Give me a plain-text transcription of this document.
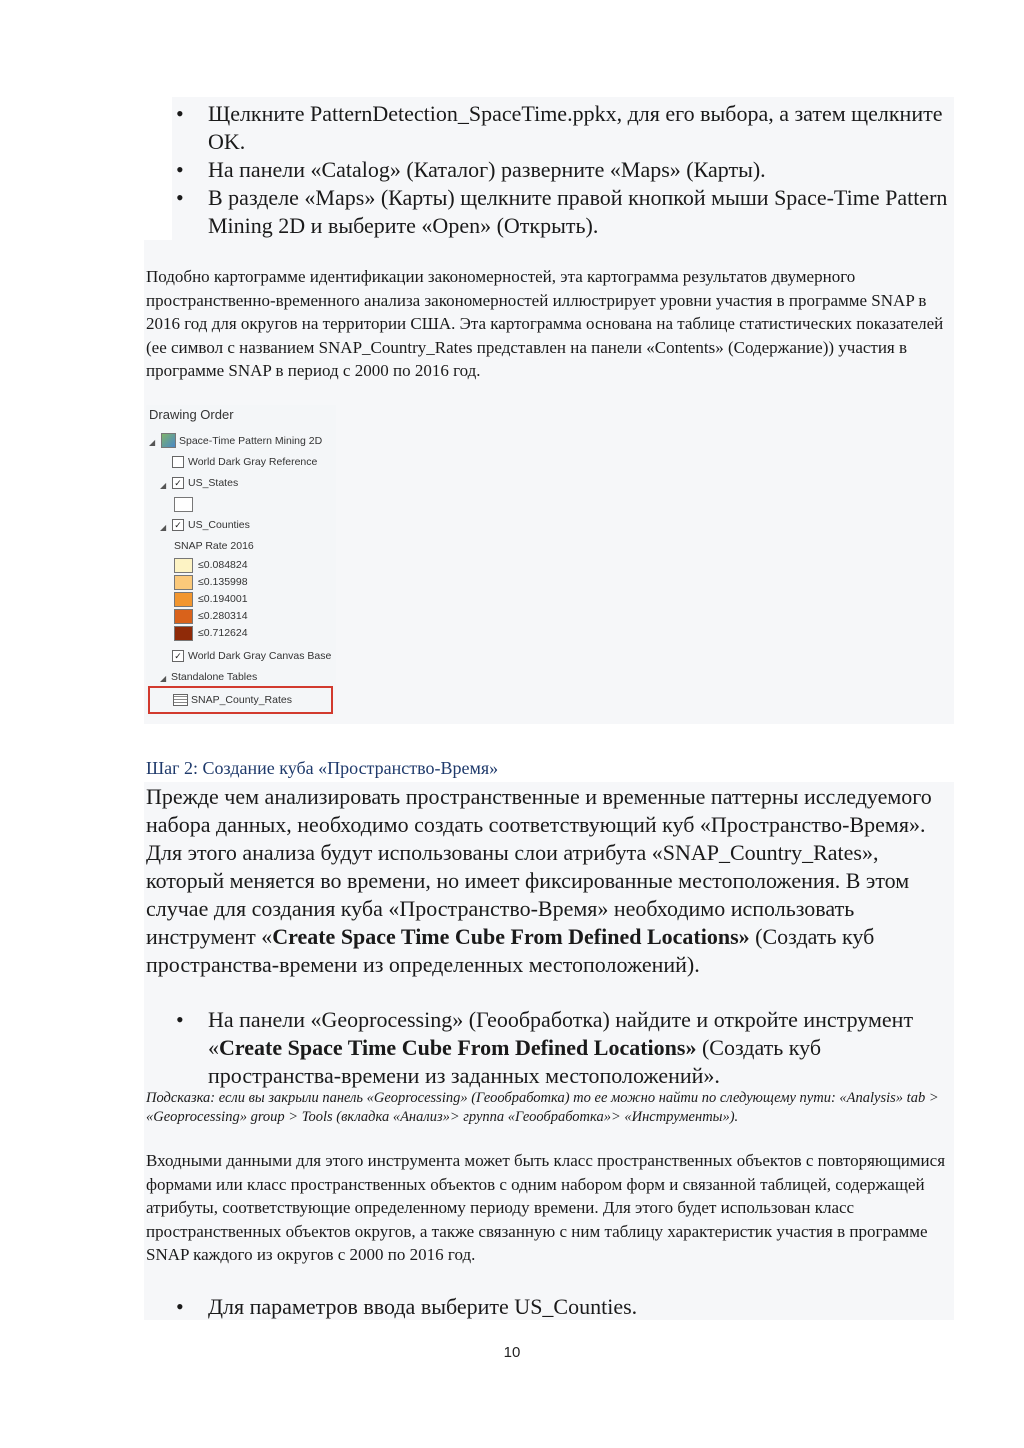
• Щелкните PatternDetection_SpaceTime.ppkx, для его выбора, а затем щелкните OK.
• На панели «Catalog» (Каталог) разверните «Maps» (Карты).
• В разделе «Maps» (Карты) щелкните правой кнопкой мыши Space-Time Pattern Mining 2D и выберите «Open» (Открыть).
Подобно картограмме идентификации закономерностей, эта картограмма результатов двумерного пространственно-временного анализа закономерностей иллюстрирует уровни участия в программе SNAP в 2016 год для округов на территории США. Эта картограмма основана на таблице статистических показателей (ее символ с названием SNAP_Country_Rates представлен на панели «Contents» (Содержание)) участия в программе SNAP в период с 2000 по 2016 год.
Drawing Order
◢ Space-Time Pattern Mining 2D
World Dark Gray Reference
◢ ✓ US_States
◢ ✓ US_Counties
SNAP Rate 2016
≤0.084824
≤0.135998
≤0.194001
≤0.280314
≤0.712624
✓ World Dark Gray Canvas Base
◢ Standalone Tables
SNAP_County_Rates
Шаг 2: Создание куба «Пространство-Время»
Прежде чем анализировать пространственные и временные паттерны исследуемого набора данных, необходимо создать соответствующий куб «Пространство-Время». Для этого анализа будут использованы слои атрибута «SNAP_Country_Rates», который меняется во времени, но имеет фиксированные местоположения. В этом случае для создания куба «Пространство-Время» необходимо использовать инструмент «Create Space Time Cube From Defined Locations» (Создать куб пространства-времени из определенных местоположений).
• На панели «Geoprocessing» (Геообработка) найдите и откройте инструмент «Create Space Time Cube From Defined Locations» (Создать куб пространства-времени из заданных местоположений».
Подсказка: если вы закрыли панель «Geoprocessing» (Геообработка) то ее можно найти по следующему пути: «Analysis» tab > «Geoprocessing» group > Tools (вкладка «Анализ»> группа «Геообработка»> «Инструменты»).
Входными данными для этого инструмента может быть класс пространственных объектов с повторяющимися формами или класс пространственных объектов с одним набором форм и связанной таблицей, содержащей атрибуты, соответствующие определенному периоду времени. Для этого будет использован класс пространственных объектов округов, а также связанную с ним таблицу характеристик участия в программе SNAP каждого из округов с 2000 по 2016 год.
• Для параметров ввода выберите US_Counties.
10
